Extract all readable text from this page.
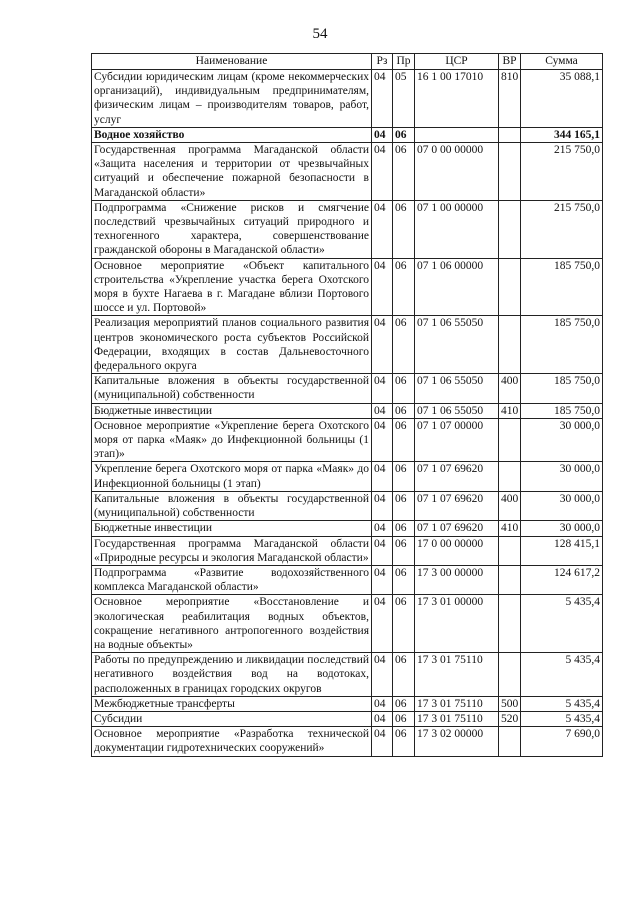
54
Наименование	Рз	Пр	ЦСР	ВР	Сумма
Субсидии юридическим лицам (кроме некоммерческих организаций), индивидуальным предпринимателям, физическим лицам – производителям товаров, работ, услуг	04	05	16 1 00 17010	810	35 088,1
Водное хозяйство	04	06			344 165,1
Государственная программа Магаданской области «Защита населения и территории от чрезвычайных ситуаций и обеспечение пожарной безопасности в Магаданской области»	04	06	07 0 00 00000		215 750,0
Подпрограмма «Снижение рисков и смягчение последствий чрезвычайных ситуаций природного и техногенного характера, совершенствование гражданской обороны в Магаданской области»	04	06	07 1 00 00000		215 750,0
Основное мероприятие «Объект капитального строительства «Укрепление участка берега Охотского моря в бухте Нагаева в г. Магадане вблизи Портового шоссе и ул. Портовой»	04	06	07 1 06 00000		185 750,0
Реализация мероприятий планов социального развития центров экономического роста субъектов Российской Федерации, входящих в состав Дальневосточного федерального округа	04	06	07 1 06 55050		185 750,0
Капитальные вложения в объекты государственной (муниципальной) собственности	04	06	07 1 06 55050	400	185 750,0
Бюджетные инвестиции	04	06	07 1 06 55050	410	185 750,0
Основное мероприятие «Укрепление берега Охотского моря от парка «Маяк» до Инфекционной больницы (1 этап)»	04	06	07 1 07 00000		30 000,0
Укрепление берега Охотского моря от парка «Маяк» до Инфекционной больницы (1 этап)	04	06	07 1 07 69620		30 000,0
Капитальные вложения в объекты государственной (муниципальной) собственности	04	06	07 1 07 69620	400	30 000,0
Бюджетные инвестиции	04	06	07 1 07 69620	410	30 000,0
Государственная программа Магаданской области «Природные ресурсы и экология Магаданской области»	04	06	17 0 00 00000		128 415,1
Подпрограмма «Развитие водохозяйственного комплекса Магаданской области»	04	06	17 3 00 00000		124 617,2
Основное мероприятие «Восстановление и экологическая реабилитация водных объектов, сокращение негативного антропогенного воздействия на водные объекты»	04	06	17 3 01 00000		5 435,4
Работы по предупреждению и ликвидации последствий негативного воздействия вод на водотоках, расположенных в границах городских округов	04	06	17 3 01 75110		5 435,4
Межбюджетные трансферты	04	06	17 3 01 75110	500	5 435,4
Субсидии	04	06	17 3 01 75110	520	5 435,4
Основное мероприятие «Разработка технической документации гидротехнических сооружений»	04	06	17 3 02 00000		7 690,0
